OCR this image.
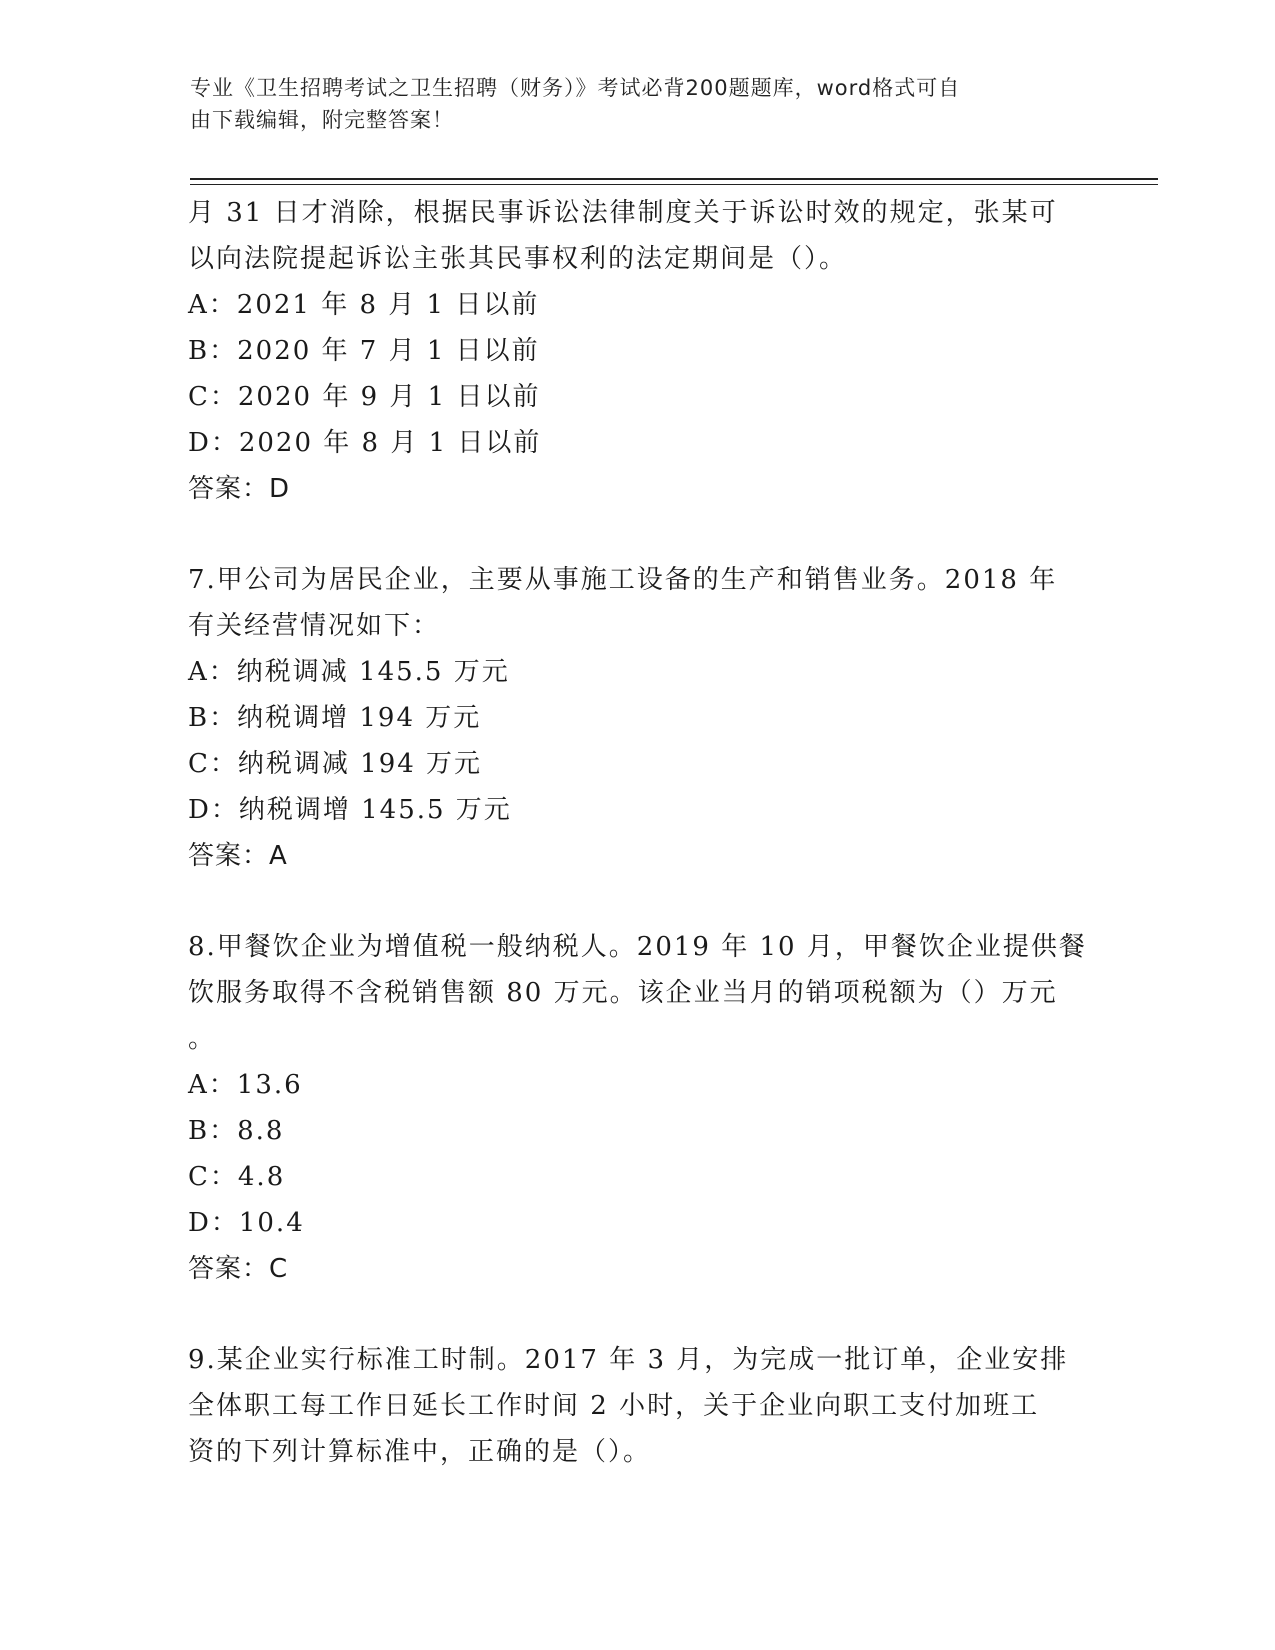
专业《卫生招聘考试之卫生招聘（财务）》考试必背200题题库，word格式可自
由下载编辑，附完整答案！
月 31 日才消除，根据民事诉讼法律制度关于诉讼时效的规定，张某可
以向法院提起诉讼主张其民事权利的法定期间是（）。
A：2021 年 8 月 1 日以前
B：2020 年 7 月 1 日以前
C：2020 年 9 月 1 日以前
D：2020 年 8 月 1 日以前
答案：D
7.甲公司为居民企业，主要从事施工设备的生产和销售业务。2018 年
有关经营情况如下：
A：纳税调减 145.5 万元
B：纳税调增 194 万元
C：纳税调减 194 万元
D：纳税调增 145.5 万元
答案：A
8.甲餐饮企业为增值税一般纳税人。2019 年 10 月，甲餐饮企业提供餐
饮服务取得不含税销售额 80 万元。该企业当月的销项税额为（）万元
。
A：13.6
B：8.8
C：4.8
D：10.4
答案：C
9.某企业实行标准工时制。2017 年 3 月，为完成一批订单，企业安排
全体职工每工作日延长工作时间 2 小时，关于企业向职工支付加班工
资的下列计算标准中，正确的是（）。
